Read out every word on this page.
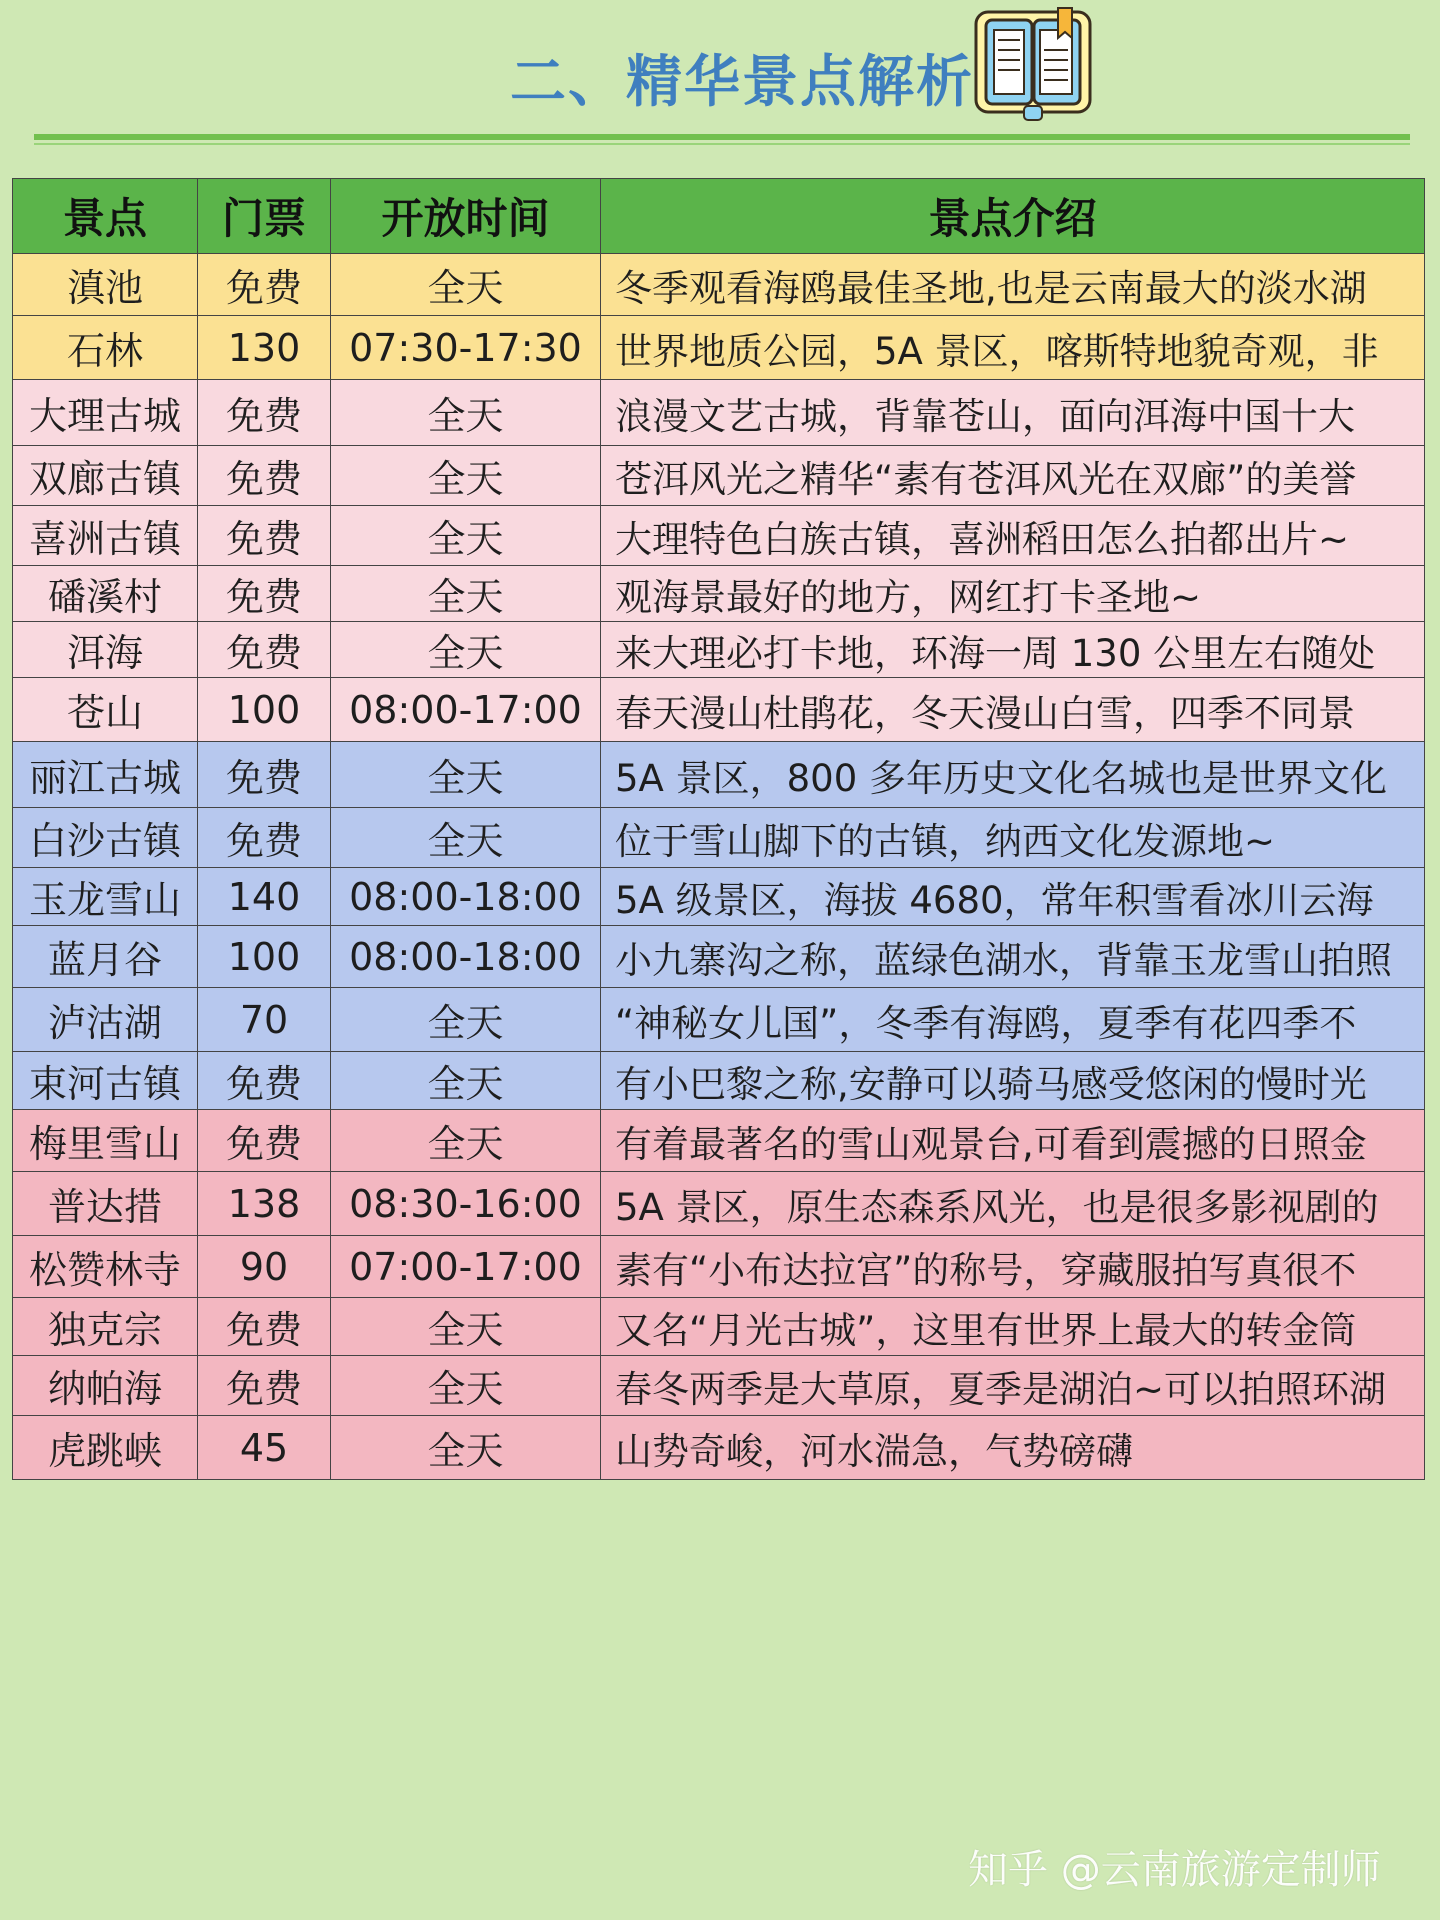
二、精华景点解析
景点	门票	开放时间	景点介绍
滇池	免费	全天	冬季观看海鸥最佳圣地,也是云南最大的淡水湖
石林	130	07:30-17:30	世界地质公园，5A 景区，喀斯特地貌奇观，非
大理古城	免费	全天	浪漫文艺古城，背靠苍山，面向洱海中国十大
双廊古镇	免费	全天	苍洱风光之精华“素有苍洱风光在双廊”的美誉
喜洲古镇	免费	全天	大理特色白族古镇，喜洲稻田怎么拍都出片~
磻溪村	免费	全天	观海景最好的地方，网红打卡圣地~
洱海	免费	全天	来大理必打卡地，环海一周 130 公里左右随处
苍山	100	08:00-17:00	春天漫山杜鹃花，冬天漫山白雪，四季不同景
丽江古城	免费	全天	5A 景区，800 多年历史文化名城也是世界文化
白沙古镇	免费	全天	位于雪山脚下的古镇，纳西文化发源地~
玉龙雪山	140	08:00-18:00	5A 级景区，海拔 4680，常年积雪看冰川云海
蓝月谷	100	08:00-18:00	小九寨沟之称，蓝绿色湖水，背靠玉龙雪山拍照
泸沽湖	70	全天	“神秘女儿国”，冬季有海鸥，夏季有花四季不
束河古镇	免费	全天	有小巴黎之称,安静可以骑马感受悠闲的慢时光
梅里雪山	免费	全天	有着最著名的雪山观景台,可看到震撼的日照金
普达措	138	08:30-16:00	5A 景区，原生态森系风光，也是很多影视剧的
松赞林寺	90	07:00-17:00	素有“小布达拉宫”的称号，穿藏服拍写真很不
独克宗	免费	全天	又名“月光古城”，这里有世界上最大的转金筒
纳帕海	免费	全天	春冬两季是大草原，夏季是湖泊~可以拍照环湖
虎跳峡	45	全天	山势奇峻，河水湍急，气势磅礴
知乎 @云南旅游定制师
